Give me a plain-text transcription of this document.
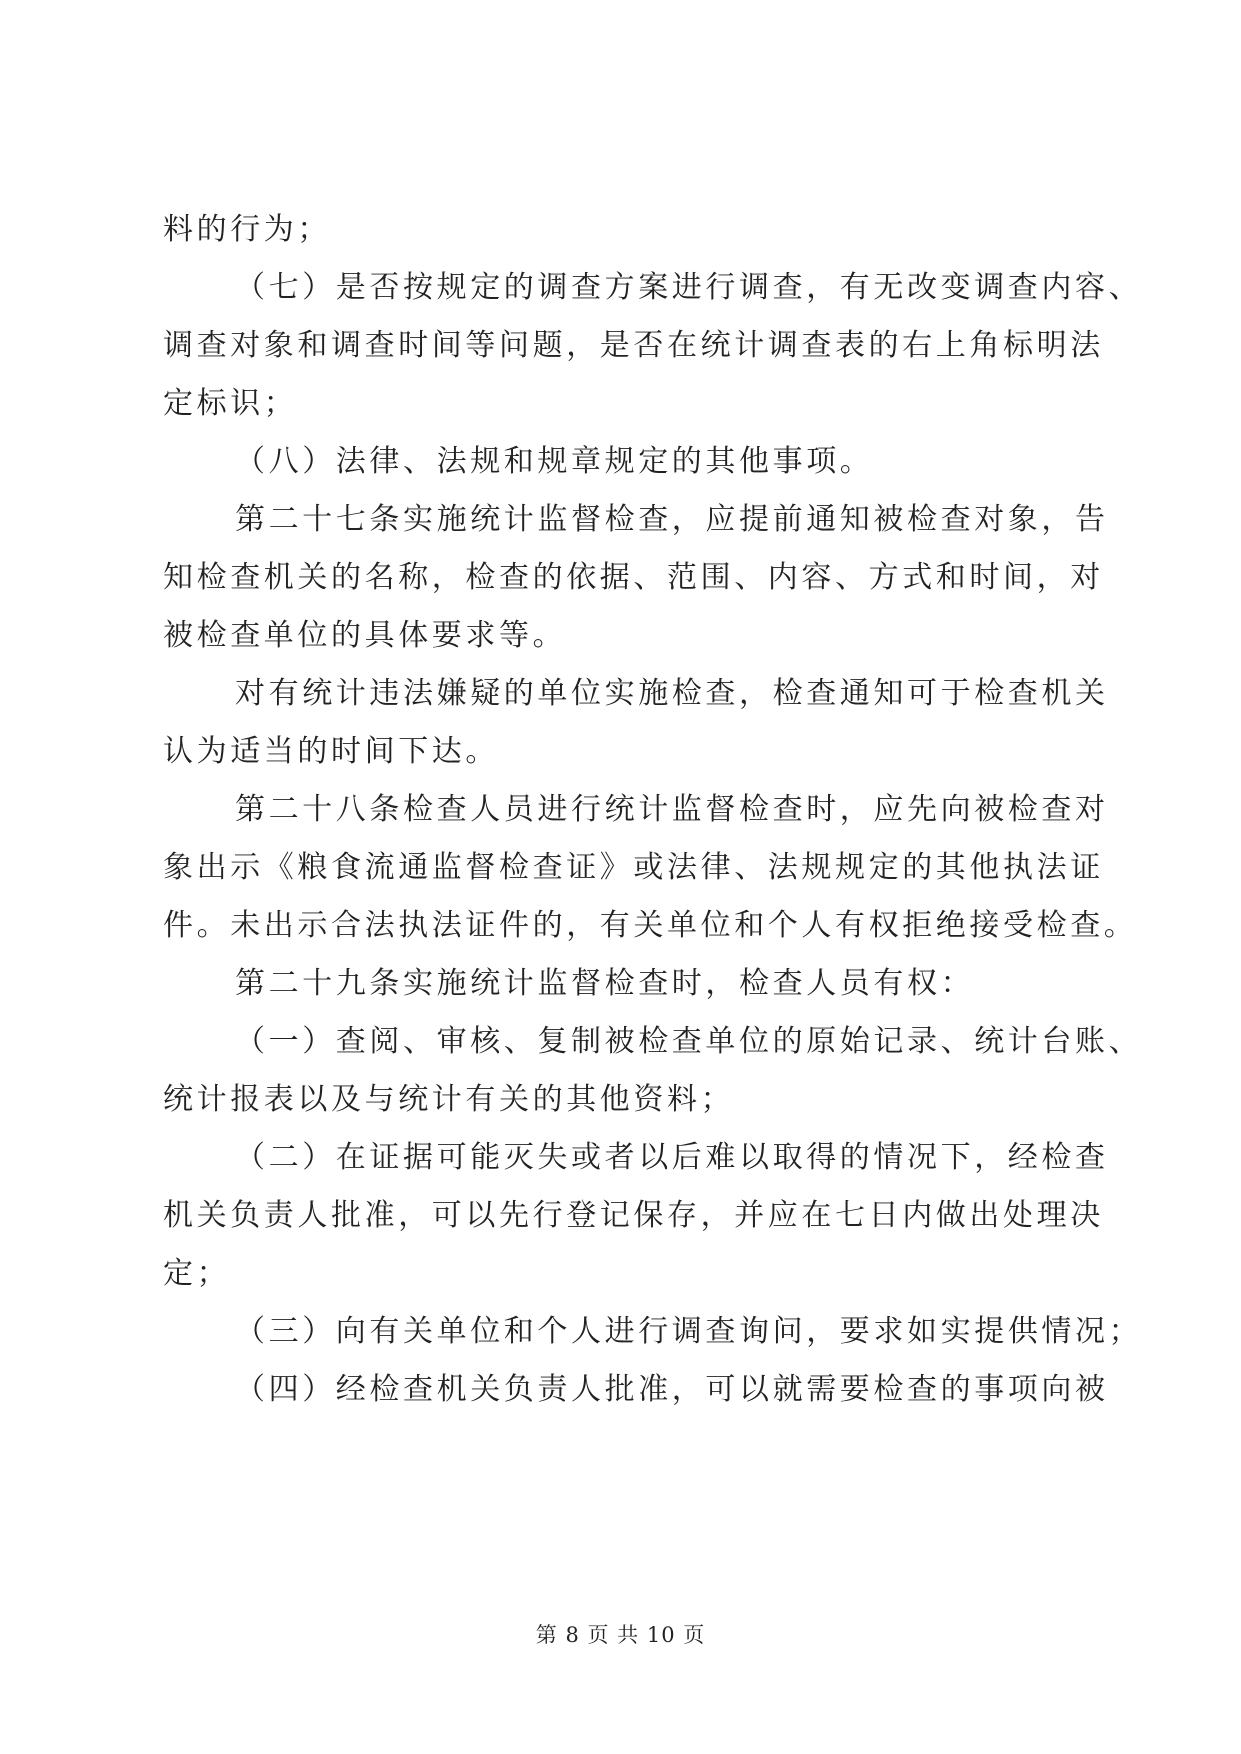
料的行为；
（七）是否按规定的调查方案进行调查，有无改变调查内容、
调查对象和调查时间等问题，是否在统计调查表的右上角标明法
定标识；
（八）法律、法规和规章规定的其他事项。
第二十七条实施统计监督检查，应提前通知被检查对象，告
知检查机关的名称，检查的依据、范围、内容、方式和时间，对
被检查单位的具体要求等。
对有统计违法嫌疑的单位实施检查，检查通知可于检查机关
认为适当的时间下达。
第二十八条检查人员进行统计监督检查时，应先向被检查对
象出示《粮食流通监督检查证》或法律、法规规定的其他执法证
件。未出示合法执法证件的，有关单位和个人有权拒绝接受检查。
第二十九条实施统计监督检查时，检查人员有权：
（一）查阅、审核、复制被检查单位的原始记录、统计台账、
统计报表以及与统计有关的其他资料；
（二）在证据可能灭失或者以后难以取得的情况下，经检查
机关负责人批准，可以先行登记保存，并应在七日内做出处理决
定；
（三）向有关单位和个人进行调查询问，要求如实提供情况；
（四）经检查机关负责人批准，可以就需要检查的事项向被
第 8 页 共 10 页
